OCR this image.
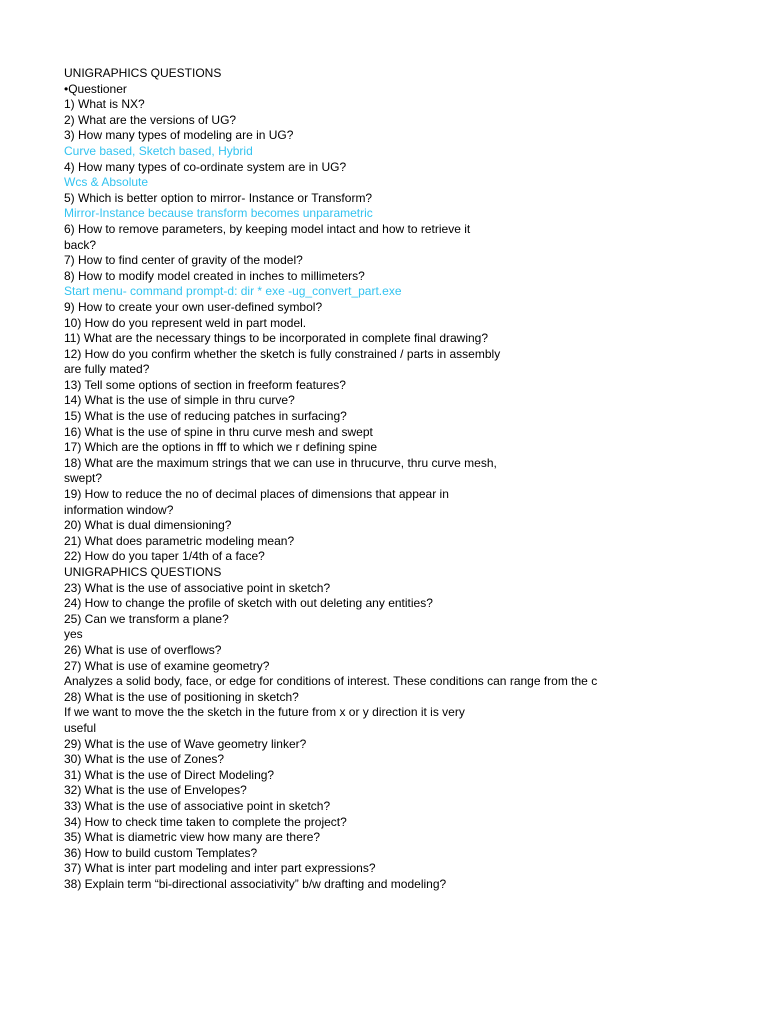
UNIGRAPHICS QUESTIONS
•Questioner
1) What is NX?
2) What are the versions of UG?
3) How many types of modeling are in UG?
Curve based, Sketch based, Hybrid
4) How many types of co-ordinate system are in UG?
Wcs & Absolute
5) Which is better option to mirror- Instance or Transform?
Mirror-Instance because transform becomes unparametric
6) How to remove parameters, by keeping model intact and how to retrieve it
back?
7) How to find center of gravity of the model?
8) How to modify model created in inches to millimeters?
Start menu- command prompt-d: dir * exe -ug_convert_part.exe
9) How to create your own user-defined symbol?
10) How do you represent weld in part model.
11) What are the necessary things to be incorporated in complete final drawing?
12) How do you confirm whether the sketch is fully constrained / parts in assembly
are fully mated?
13) Tell some options of section in freeform features?
14) What is the use of simple in thru curve?
15) What is the use of reducing patches in surfacing?
16) What is the use of spine in thru curve mesh and swept
17) Which are the options in fff to which we r defining spine
18) What are the maximum strings that we can use in thrucurve, thru curve mesh,
swept?
19) How to reduce the no of decimal places of dimensions that appear in
information window?
20) What is dual dimensioning?
21) What does parametric modeling mean?
22) How do you taper 1/4th of a face?
UNIGRAPHICS QUESTIONS
23) What is the use of associative point in sketch?
24) How to change the profile of sketch with out deleting any entities?
25) Can we transform a plane?
yes
26) What is use of overflows?
27) What is use of examine geometry?
Analyzes a solid body, face, or edge for conditions of interest. These conditions can range from the c
28) What is the use of positioning in sketch?
If we want to move the the sketch in the future from x or y direction it is very
useful
29) What is the use of Wave geometry linker?
30) What is the use of Zones?
31) What is the use of Direct Modeling?
32) What is the use of Envelopes?
33) What is the use of associative point in sketch?
34) How to check time taken to complete the project?
35) What is diametric view how many are there?
36) How to build custom Templates?
37) What is inter part modeling and inter part expressions?
38) Explain term “bi-directional associativity” b/w drafting and modeling?
